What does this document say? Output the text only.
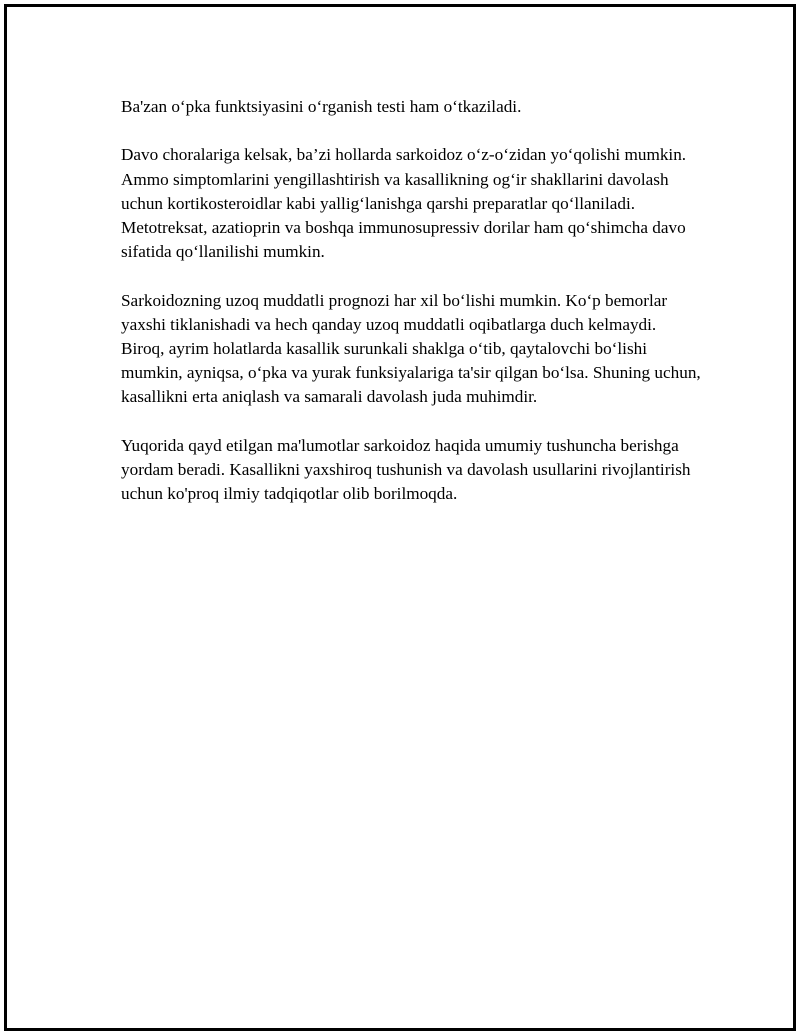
Ba'zan o‘pka funktsiyasini o‘rganish testi ham o‘tkaziladi.

Davo choralariga kelsak, ba’zi hollarda sarkoidoz o‘z-o‘zidan yo‘qolishi mumkin. Ammo simptomlarini yengillashtirish va kasallikning og‘ir shakllarini davolash uchun kortikosteroidlar kabi yallig‘lanishga qarshi preparatlar qo‘llaniladi. Metotreksat, azatioprin va boshqa immunosupressiv dorilar ham qo‘shimcha davo sifatida qo‘llanilishi mumkin.

Sarkoidozning uzoq muddatli prognozi har xil bo‘lishi mumkin. Ko‘p bemorlar yaxshi tiklanishadi va hech qanday uzoq muddatli oqibatlarga duch kelmaydi. Biroq, ayrim holatlarda kasallik surunkali shaklga o‘tib, qaytalovchi bo‘lishi mumkin, ayniqsa, o‘pka va yurak funksiyalariga ta'sir qilgan bo‘lsa. Shuning uchun, kasallikni erta aniqlash va samarali davolash juda muhimdir.

Yuqorida qayd etilgan ma'lumotlar sarkoidoz haqida umumiy tushuncha berishga yordam beradi. Kasallikni yaxshiroq tushunish va davolash usullarini rivojlantirish uchun ko'proq ilmiy tadqiqotlar olib borilmoqda.
